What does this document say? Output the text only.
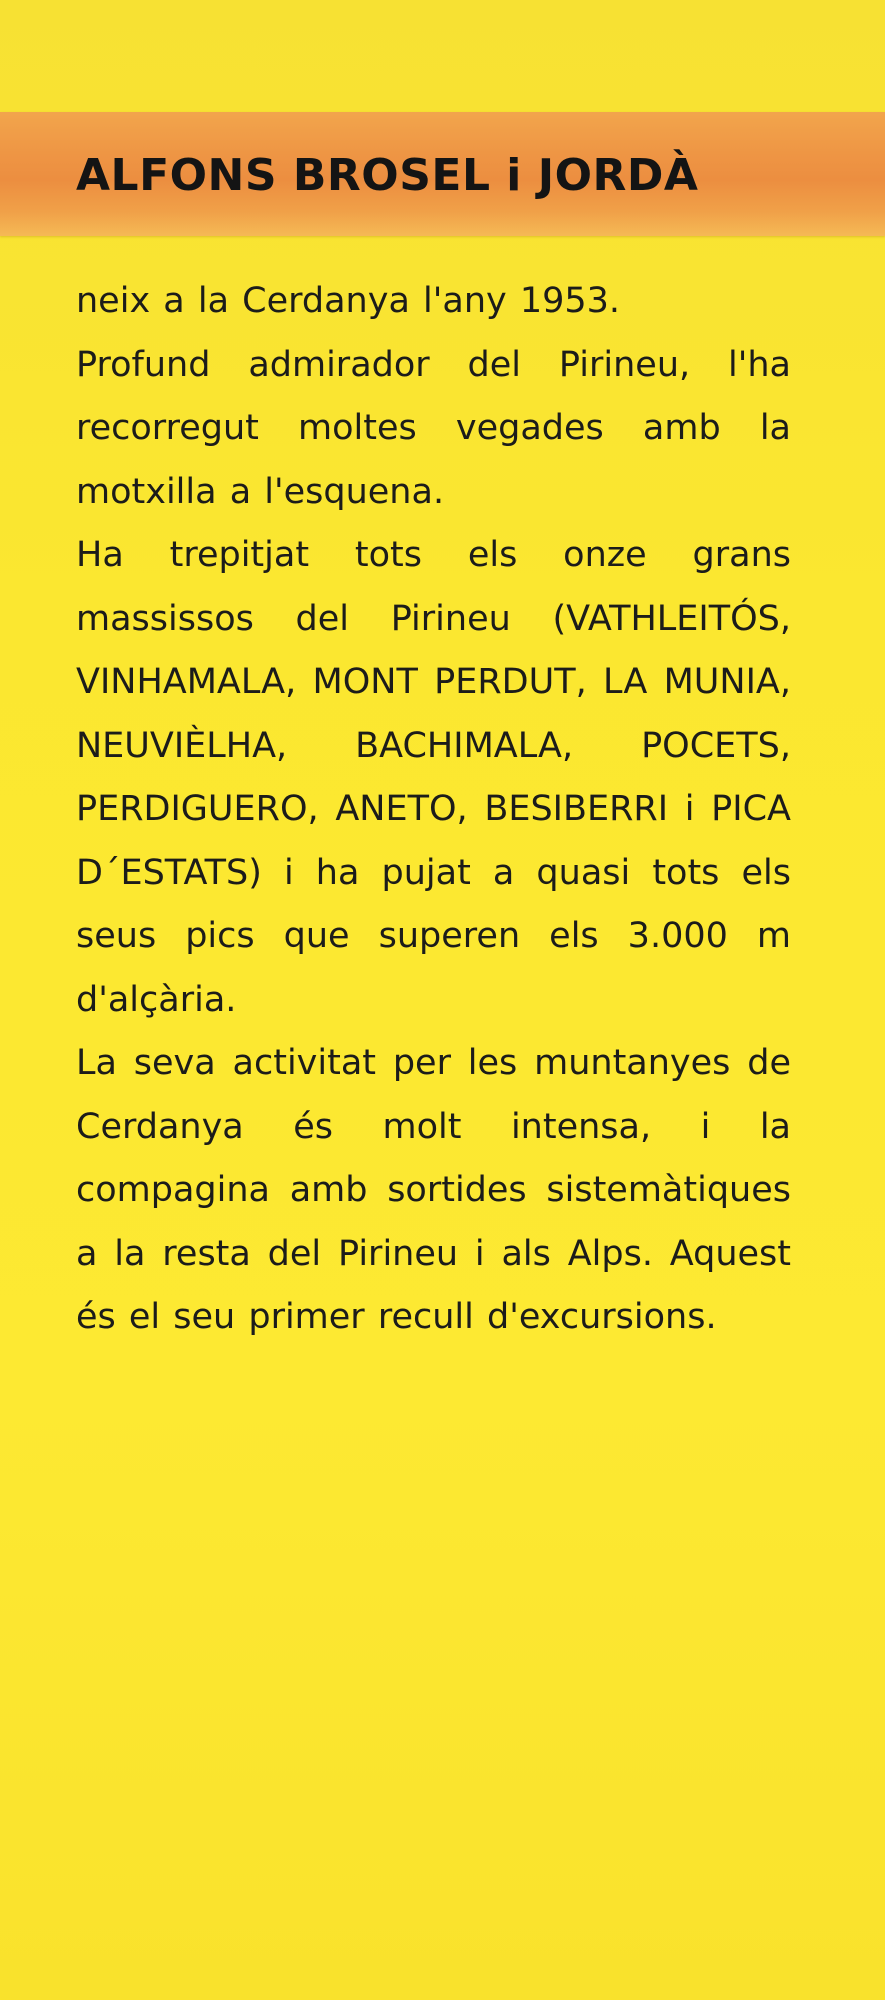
ALFONS BROSEL i JORDÀ

neix a la Cerdanya l'any 1953.

Profund admirador del Pirineu, l'ha recorregut moltes vegades amb la motxilla a l'esquena.

Ha trepitjat tots els onze grans massissos del Pirineu (VATHLEITÓS, VINHAMALA, MONT PERDUT, LA MUNIA, NEUVIÈLHA, BACHIMALA, POCETS, PERDIGUERO, ANETO, BESIBERRI i PICA D´ESTATS) i ha pujat a quasi tots els seus pics que superen els 3.000 m d'alçària.

La seva activitat per les muntanyes de Cerdanya és molt intensa, i la compagina amb sortides sistemàtiques a la resta del Pirineu i als Alps. Aquest és el seu primer recull d'excursions.
